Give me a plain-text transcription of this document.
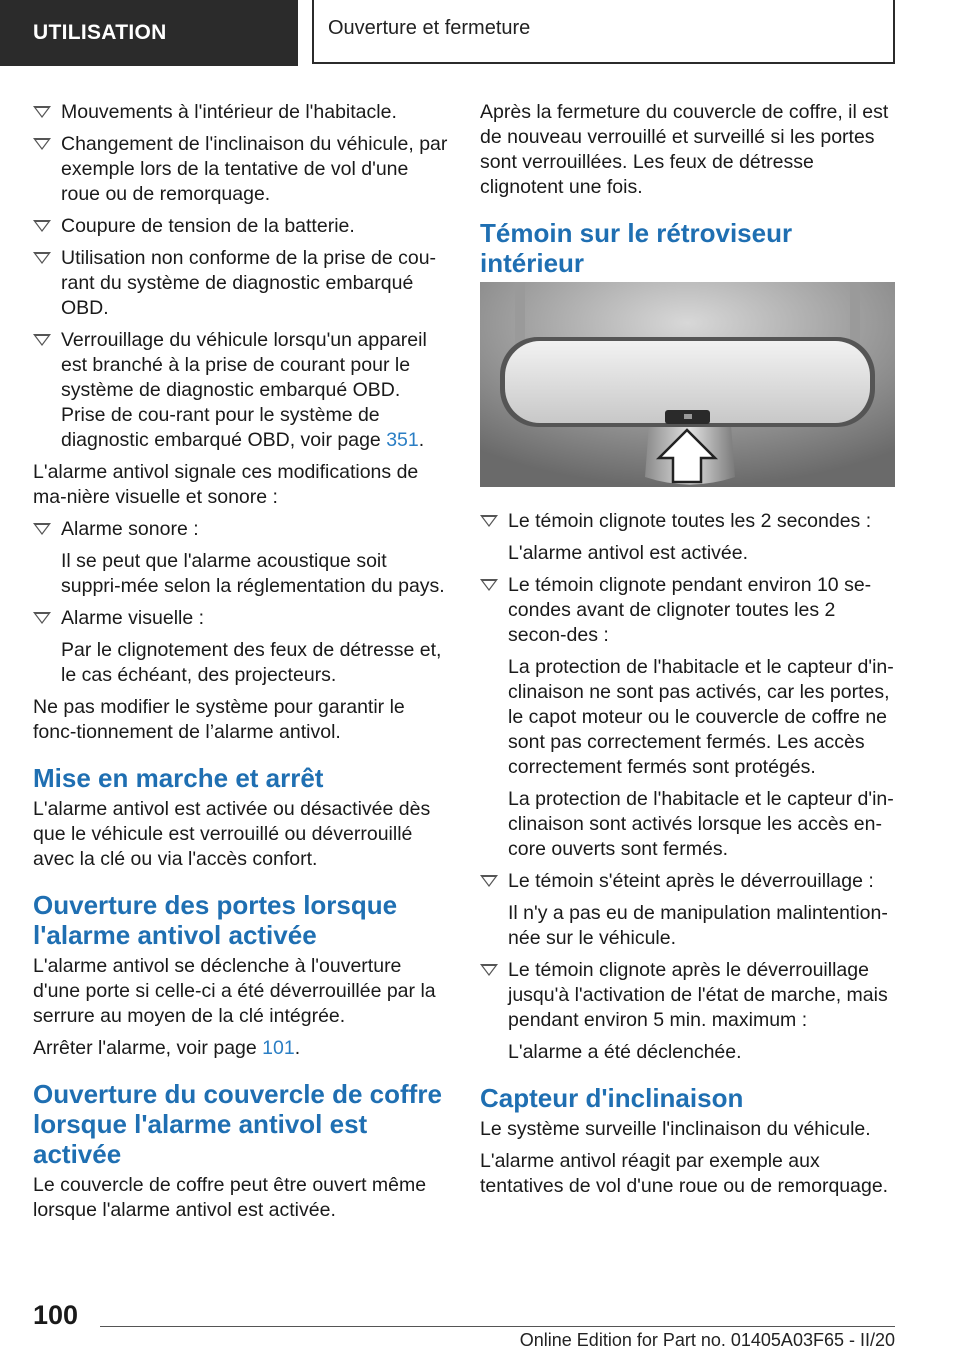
UTILISATION	Ouverture et fermeture
Mouvements à l'intérieur de l'habitacle.
Changement de l'inclinaison du véhicule, par exemple lors de la tentative de vol d'une roue ou de remorquage.
Coupure de tension de la batterie.
Utilisation non conforme de la prise de cou-rant du système de diagnostic embarqué OBD.
Verrouillage du véhicule lorsqu'un appareil est branché à la prise de courant pour le système de diagnostic embarqué OBD. Prise de cou-rant pour le système de diagnostic embarqué OBD, voir page 351.

L'alarme antivol signale ces modifications de ma-nière visuelle et sonore :

Alarme sonore :
Il se peut que l'alarme acoustique soit suppri-mée selon la réglementation du pays.
Alarme visuelle :
Par le clignotement des feux de détresse et, le cas échéant, des projecteurs.

Ne pas modifier le système pour garantir le fonc-tionnement de l’alarme antivol.

Mise en marche et arrêt

L'alarme antivol est activée ou désactivée dès que le véhicule est verrouillé ou déverrouillé avec la clé ou via l'accès confort.

Ouverture des portes lorsque l'alarme antivol activée

L'alarme antivol se déclenche à l'ouverture d'une porte si celle-ci a été déverrouillée par la serrure au moyen de la clé intégrée.

Arrêter l'alarme, voir page 101.

Ouverture du couvercle de coffre lorsque l'alarme antivol est activée

Le couvercle de coffre peut être ouvert même lorsque l'alarme antivol est activée.

Après la fermeture du couvercle de coffre, il est de nouveau verrouillé et surveillé si les portes sont verrouillées. Les feux de détresse clignotent une fois.

Témoin sur le rétroviseur intérieur
Le témoin clignote toutes les 2 secondes :
L'alarme antivol est activée.
Le témoin clignote pendant environ 10 se-condes avant de clignoter toutes les 2 secon-des :
La protection de l'habitacle et le capteur d'in-clinaison ne sont pas activés, car les portes, le capot moteur ou le couvercle de coffre ne sont pas correctement fermés. Les accès correctement fermés sont protégés.
La protection de l'habitacle et le capteur d'in-clinaison sont activés lorsque les accès en-core ouverts sont fermés.
Le témoin s'éteint après le déverrouillage :
Il n'y a pas eu de manipulation malintention-née sur le véhicule.
Le témoin clignote après le déverrouillage jusqu'à l'activation de l'état de marche, mais pendant environ 5 min. maximum :
L'alarme a été déclenchée.
Capteur d'inclinaison

Le système surveille l'inclinaison du véhicule.

L'alarme antivol réagit par exemple aux tentatives de vol d'une roue ou de remorquage.

100
Online Edition for Part no. 01405A03F65 - II/20
